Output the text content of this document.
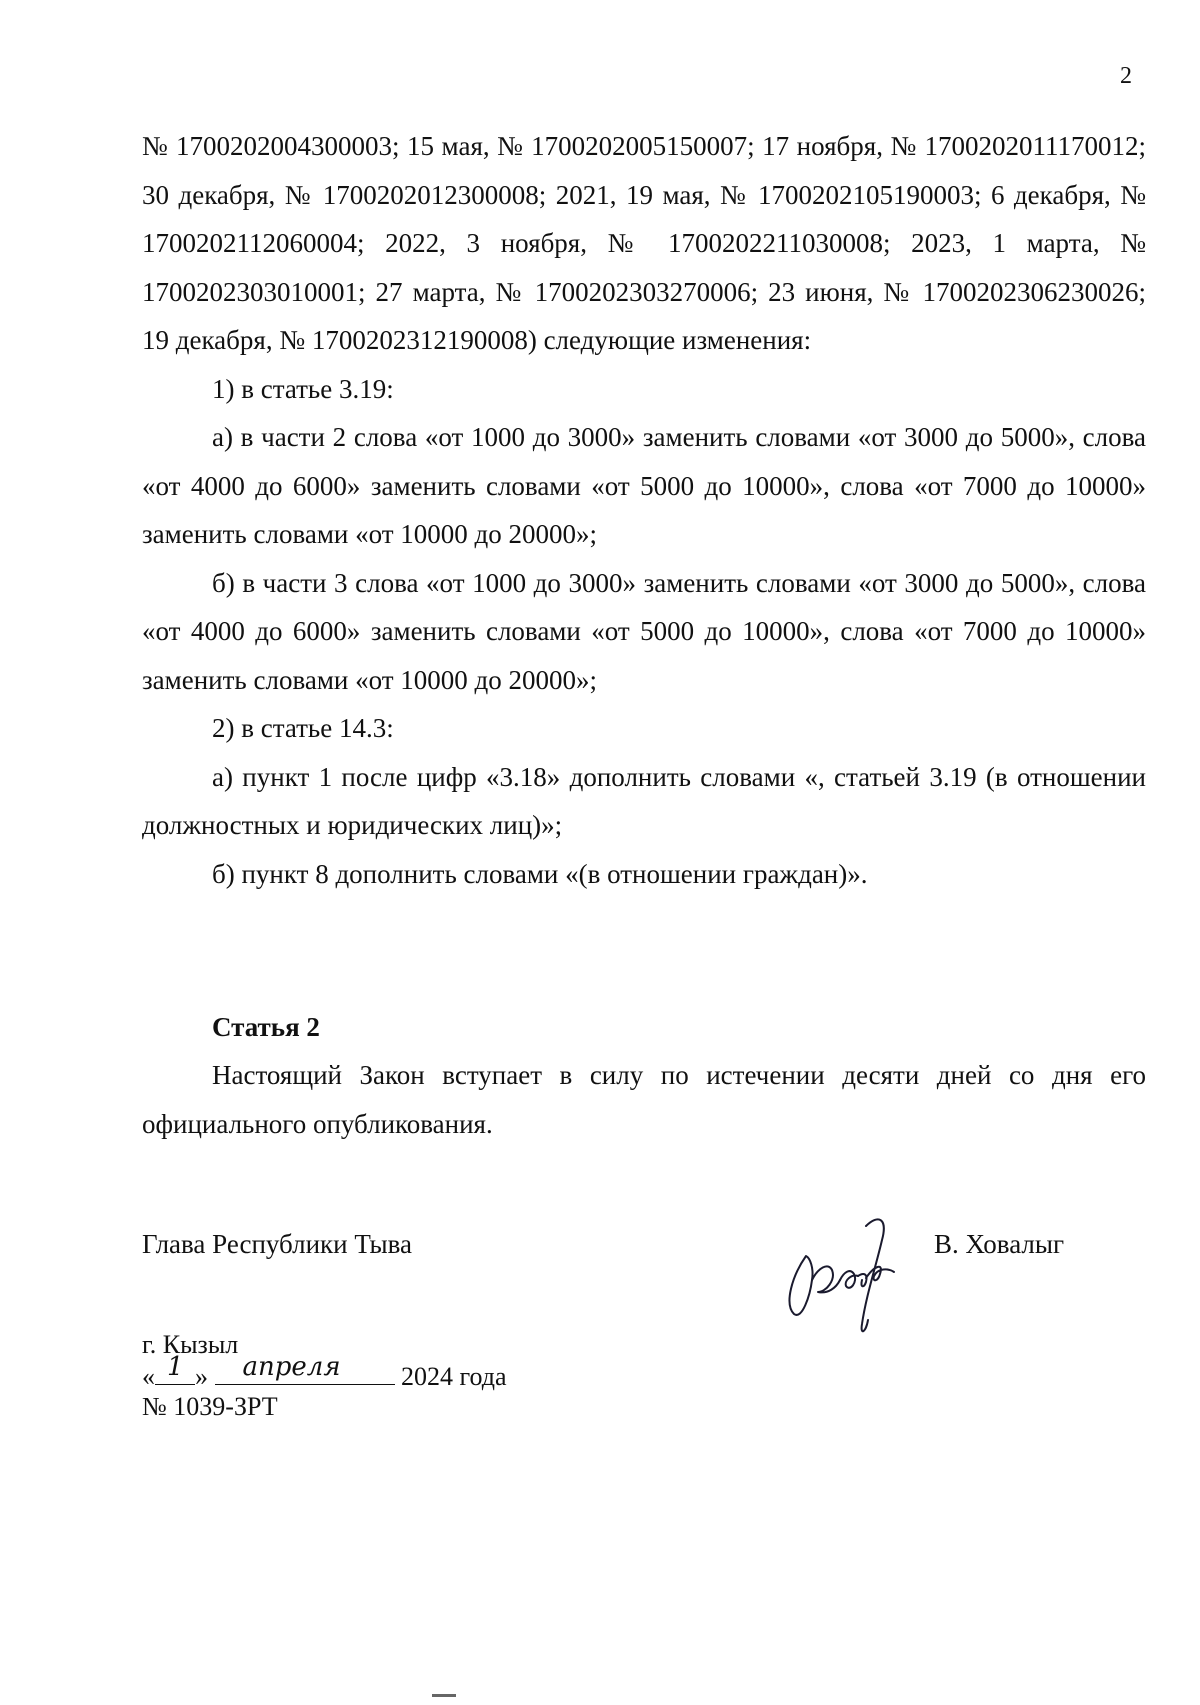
2

№ 1700202004300003; 15 мая, № 1700202005150007; 17 ноября, № 1700202011170012; 30 декабря, № 1700202012300008; 2021, 19 мая, № 1700202105190003; 6 декабря, № 1700202112060004; 2022, 3 ноября, № 1700202211030008; 2023, 1 марта, № 1700202303010001; 27 марта, № 1700202303270006; 23 июня, № 1700202306230026; 19 декабря, № 1700202312190008) следующие изменения:

1) в статье 3.19:

а) в части 2 слова «от 1000 до 3000» заменить словами «от 3000 до 5000», слова «от 4000 до 6000» заменить словами «от 5000 до 10000», слова «от 7000 до 10000» заменить словами «от 10000 до 20000»;

б) в части 3 слова «от 1000 до 3000» заменить словами «от 3000 до 5000», слова «от 4000 до 6000» заменить словами «от 5000 до 10000», слова «от 7000 до 10000» заменить словами «от 10000 до 20000»;

2) в статье 14.3:

а) пункт 1 после цифр «3.18» дополнить словами «, статьей 3.19 (в отношении должностных и юридических лиц)»;

б) пункт 8 дополнить словами «(в отношении граждан)».

Статья 2

Настоящий Закон вступает в силу по истечении десяти дней со дня его официального опубликования.

Глава Республики Тыва	В. Ховалыг

г. Кызыл
« 1 » апреля 2024 года
№ 1039-ЗРТ
